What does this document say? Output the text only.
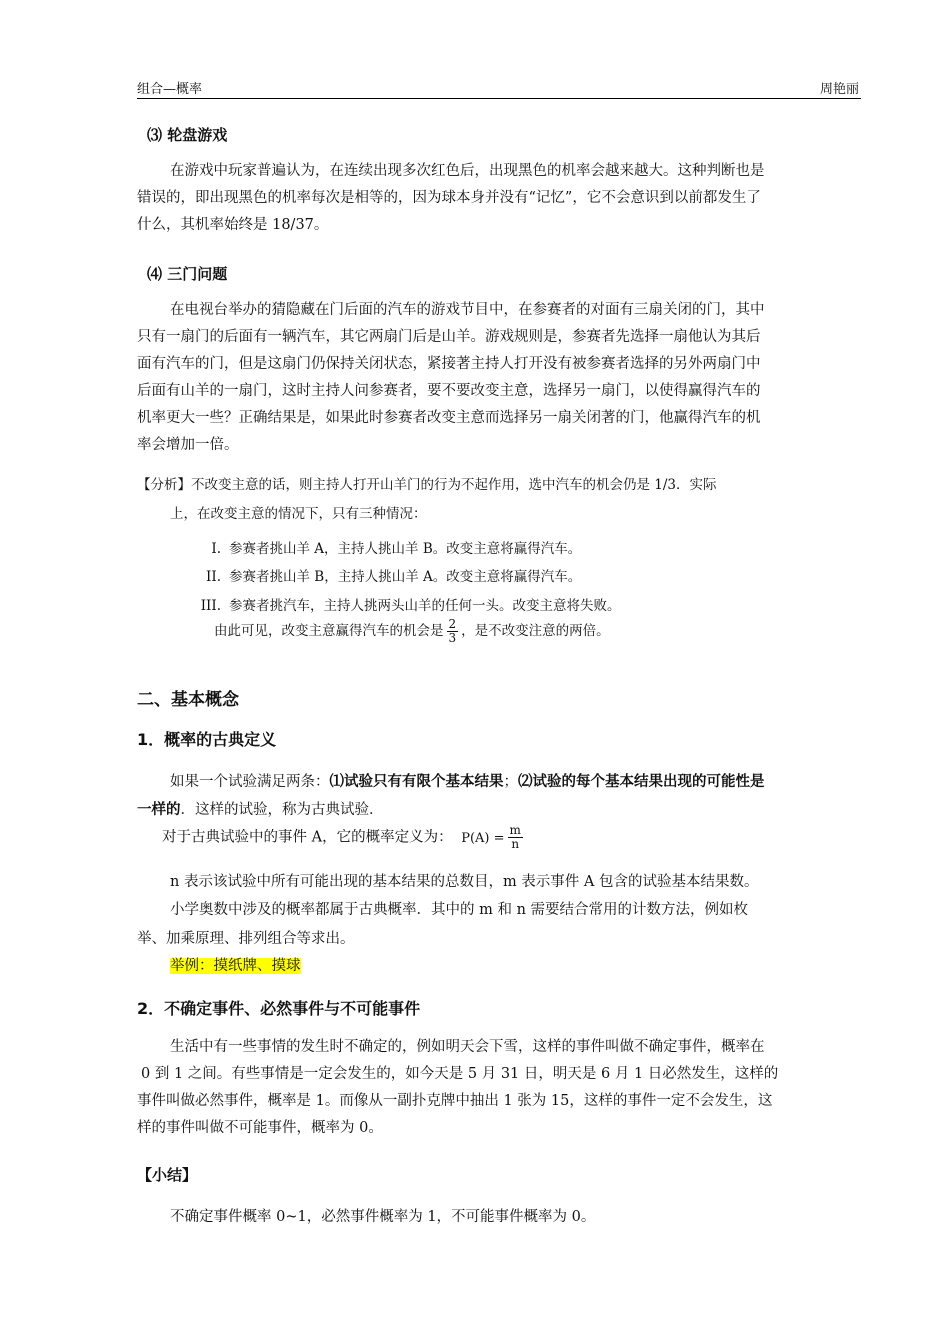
组合—概率	周艳丽
⑶ 轮盘游戏

在游戏中玩家普遍认为，在连续出现多次红色后，出现黑色的机率会越来越大。这种判断也是

错误的，即出现黑色的机率每次是相等的，因为球本身并没有“记忆”，它不会意识到以前都发生了

什么，其机率始终是 18/37。

⑷ 三门问题

在电视台举办的猜隐藏在门后面的汽车的游戏节目中，在参赛者的对面有三扇关闭的门，其中

只有一扇门的后面有一辆汽车，其它两扇门后是山羊。游戏规则是，参赛者先选择一扇他认为其后

面有汽车的门，但是这扇门仍保持关闭状态，紧接著主持人打开没有被参赛者选择的另外两扇门中

后面有山羊的一扇门，这时主持人问参赛者，要不要改变主意，选择另一扇门，以使得赢得汽车的

机率更大一些？正确结果是，如果此时参赛者改变主意而选择另一扇关闭著的门，他赢得汽车的机

率会增加一倍。

【分析】不改变主意的话，则主持人打开山羊门的行为不起作用，选中汽车的机会仍是 1/3．实际
上，在改变主意的情况下，只有三种情况：
I. 参赛者挑山羊 A，主持人挑山羊 B。改变主意将赢得汽车。
II. 参赛者挑山羊 B，主持人挑山羊 A。改变主意将赢得汽车。
III. 参赛者挑汽车，主持人挑两头山羊的任何一头。改变主意将失败。
由此可见，改变主意赢得汽车的机会是 $\frac{2}{3}$ ，是不改变注意的两倍。
二、基本概念
1．概率的古典定义
如果一个试验满足两条：⑴试验只有有限个基本结果；⑵试验的每个基本结果出现的可能性是
一样的．这样的试验，称为古典试验．
对于古典试验中的事件 A，它的概率定义为： $P(A) = \frac{m}{n}$
n 表示该试验中所有可能出现的基本结果的总数目，m 表示事件 A 包含的试验基本结果数。
小学奥数中涉及的概率都属于古典概率．其中的 m 和 n 需要结合常用的计数方法，例如枚
举、加乘原理、排列组合等求出。
举例：摸纸牌、摸球
2．不确定事件、必然事件与不可能事件

生活中有一些事情的发生时不确定的，例如明天会下雪，这样的事件叫做不确定事件，概率在

0 到 1 之间。有些事情是一定会发生的，如今天是 5 月 31 日，明天是 6 月 1 日必然发生，这样的

事件叫做必然事件，概率是 1。而像从一副扑克牌中抽出 1 张为 15，这样的事件一定不会发生，这

样的事件叫做不可能事件，概率为 0。

【小结】
不确定事件概率 0~1，必然事件概率为 1，不可能事件概率为 0。
